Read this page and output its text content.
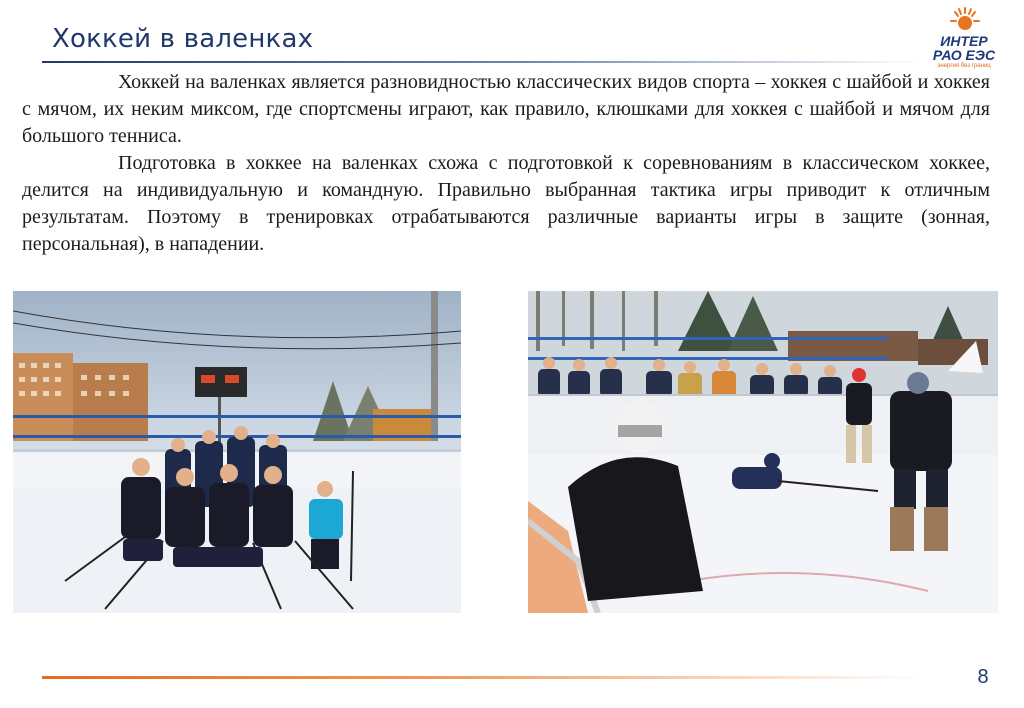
Хоккей в валенках	ИНТЕР
РАО ЕЭС
энергия без границ

Хоккей на валенках является разновидностью классических видов спорта – хоккея с шайбой и хоккея с мячом, их неким миксом, где спортсмены играют, как правило, клюшками для хоккея с шайбой и мячом для большого тенниса.

Подготовка в хоккее на валенках схожа с подготовкой к соревнованиям в классическом хоккее, делится на индивидуальную и командную. Правильно выбранная тактика игры приводит к отличным результатам. Поэтому в тренировках отрабатываются различные варианты игры в защите (зонная, персональная), в нападении.

8
